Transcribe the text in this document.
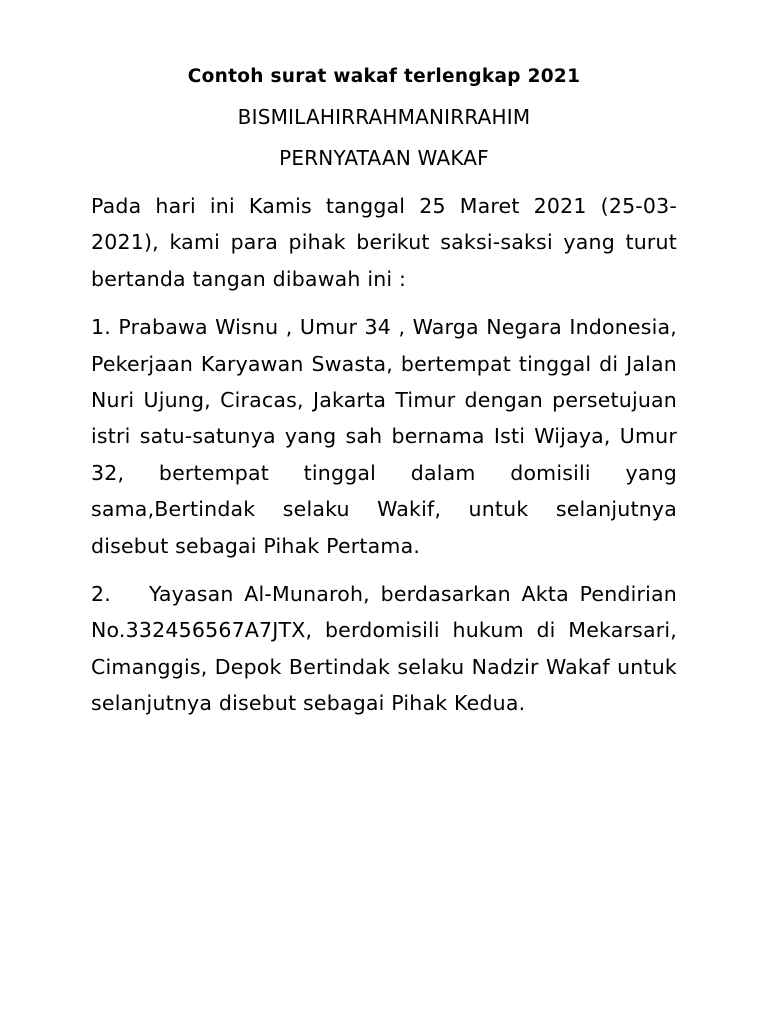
Contoh surat wakaf terlengkap 2021

BISMILAHIRRAHMANIRRAHIM

PERNYATAAN WAKAF

Pada hari ini Kamis tanggal 25 Maret 2021 (25-03-2021), kami para pihak berikut saksi-saksi yang turut bertanda tangan dibawah ini :

1. Prabawa Wisnu , Umur 34 , Warga Negara Indonesia, Pekerjaan Karyawan Swasta, bertempat tinggal di Jalan Nuri Ujung, Ciracas, Jakarta Timur dengan persetujuan istri satu-satunya yang sah bernama Isti Wijaya, Umur 32, bertempat tinggal dalam domisili yang sama,Bertindak selaku Wakif, untuk selanjutnya disebut sebagai Pihak Pertama.

2. Yayasan Al-Munaroh, berdasarkan Akta Pendirian No.332456567A7JTX, berdomisili hukum di Mekarsari, Cimanggis, Depok Bertindak selaku Nadzir Wakaf untuk selanjutnya disebut sebagai Pihak Kedua.
